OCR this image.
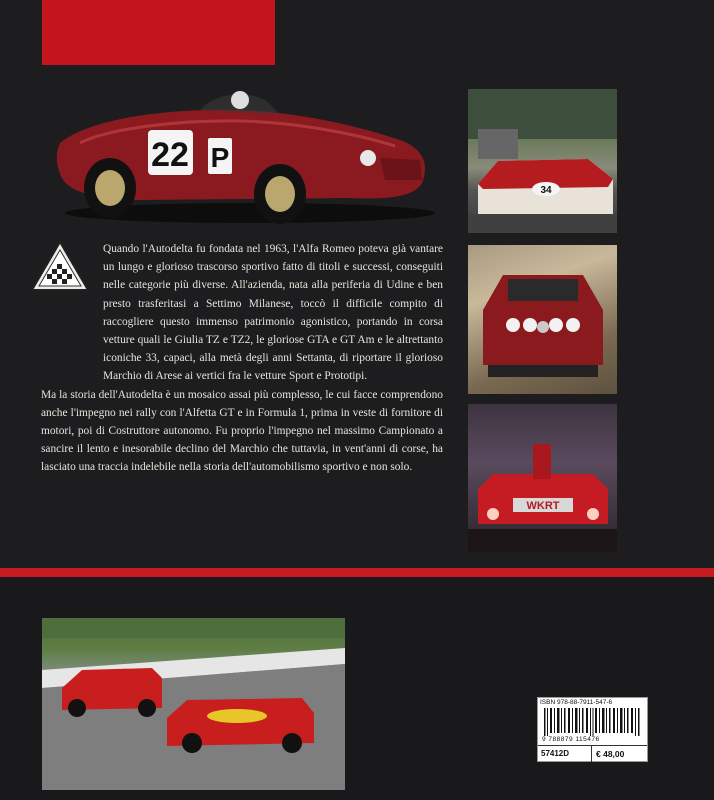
22 P

Quando l'Autodelta fu fondata nel 1963, l'Alfa Romeo poteva già vantare un lungo e glorioso trascorso sportivo fatto di titoli e successi, conseguiti nelle categorie più diverse. All'azienda, nata alla periferia di Udine e ben presto trasferitasi a Settimo Milanese, toccò il difficile compito di raccogliere questo immenso patrimonio agonistico, portando in corsa vetture quali le Giulia TZ e TZ2, le gloriose GTA e GT Am e le altrettanto iconiche 33, capaci, alla metà degli anni Settanta, di riportare il glorioso Marchio di Arese ai vertici fra le vetture Sport e Prototipi.

Ma la storia dell'Autodelta è un mosaico assai più complesso, le cui facce comprendono anche l'impegno nei rally con l'Alfetta GT e in Formula 1, prima in veste di fornitore di motori, poi di Costruttore autonomo. Fu proprio l'impegno nel massimo Campionato a sancire il lento e inesorabile declino del Marchio che tuttavia, in vent'anni di corse, ha lasciato una traccia indelebile nella storia dell'automobilismo sportivo e non solo.

34
WKRT
ISBN 978-88-7911-547-6
9 788879 115476
57412D	€ 48,00
